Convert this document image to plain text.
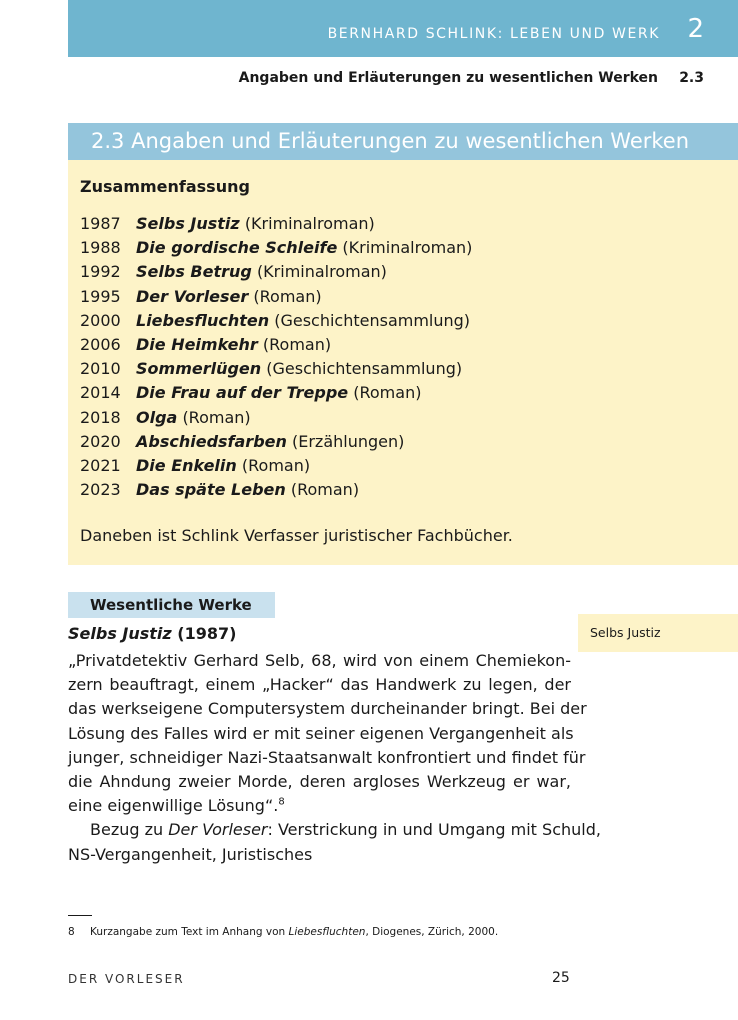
BERNHARD SCHLINK: LEBEN UND WERK 2
Angaben und Erläuterungen zu wesentlichen Werken 2.3
2.3 Angaben und Erläuterungen zu wesentlichen Werken
Zusammenfassung
1987 Selbs Justiz (Kriminalroman)
1988 Die gordische Schleife (Kriminalroman)
1992 Selbs Betrug (Kriminalroman)
1995 Der Vorleser (Roman)
2000 Liebesfluchten (Geschichtensammlung)
2006 Die Heimkehr (Roman)
2010 Sommerlügen (Geschichtensammlung)
2014 Die Frau auf der Treppe (Roman)
2018 Olga (Roman)
2020 Abschiedsfarben (Erzählungen)
2021 Die Enkelin (Roman)
2023 Das späte Leben (Roman)
Daneben ist Schlink Verfasser juristischer Fachbücher.
Wesentliche Werke
Selbs Justiz
Selbs Justiz (1987)

„Privatdetektiv Gerhard Selb, 68, wird von einem Chemiekon-
zern beauftragt, einem „Hacker“ das Handwerk zu legen, der
das werkseigene Computersystem durcheinander bringt. Bei der
Lösung des Falles wird er mit seiner eigenen Vergangenheit als
junger, schneidiger Nazi-Staatsanwalt konfrontiert und findet für
die Ahndung zweier Morde, deren argloses Werkzeug er war,
eine eigenwillige Lösung“.$^8$
Bezug zu Der Vorleser: Verstrickung in und Umgang mit Schuld,
NS-Vergangenheit, Juristisches

8 Kurzangabe zum Text im Anhang von Liebesfluchten, Diogenes, Zürich, 2000.
DER VORLESER	25
